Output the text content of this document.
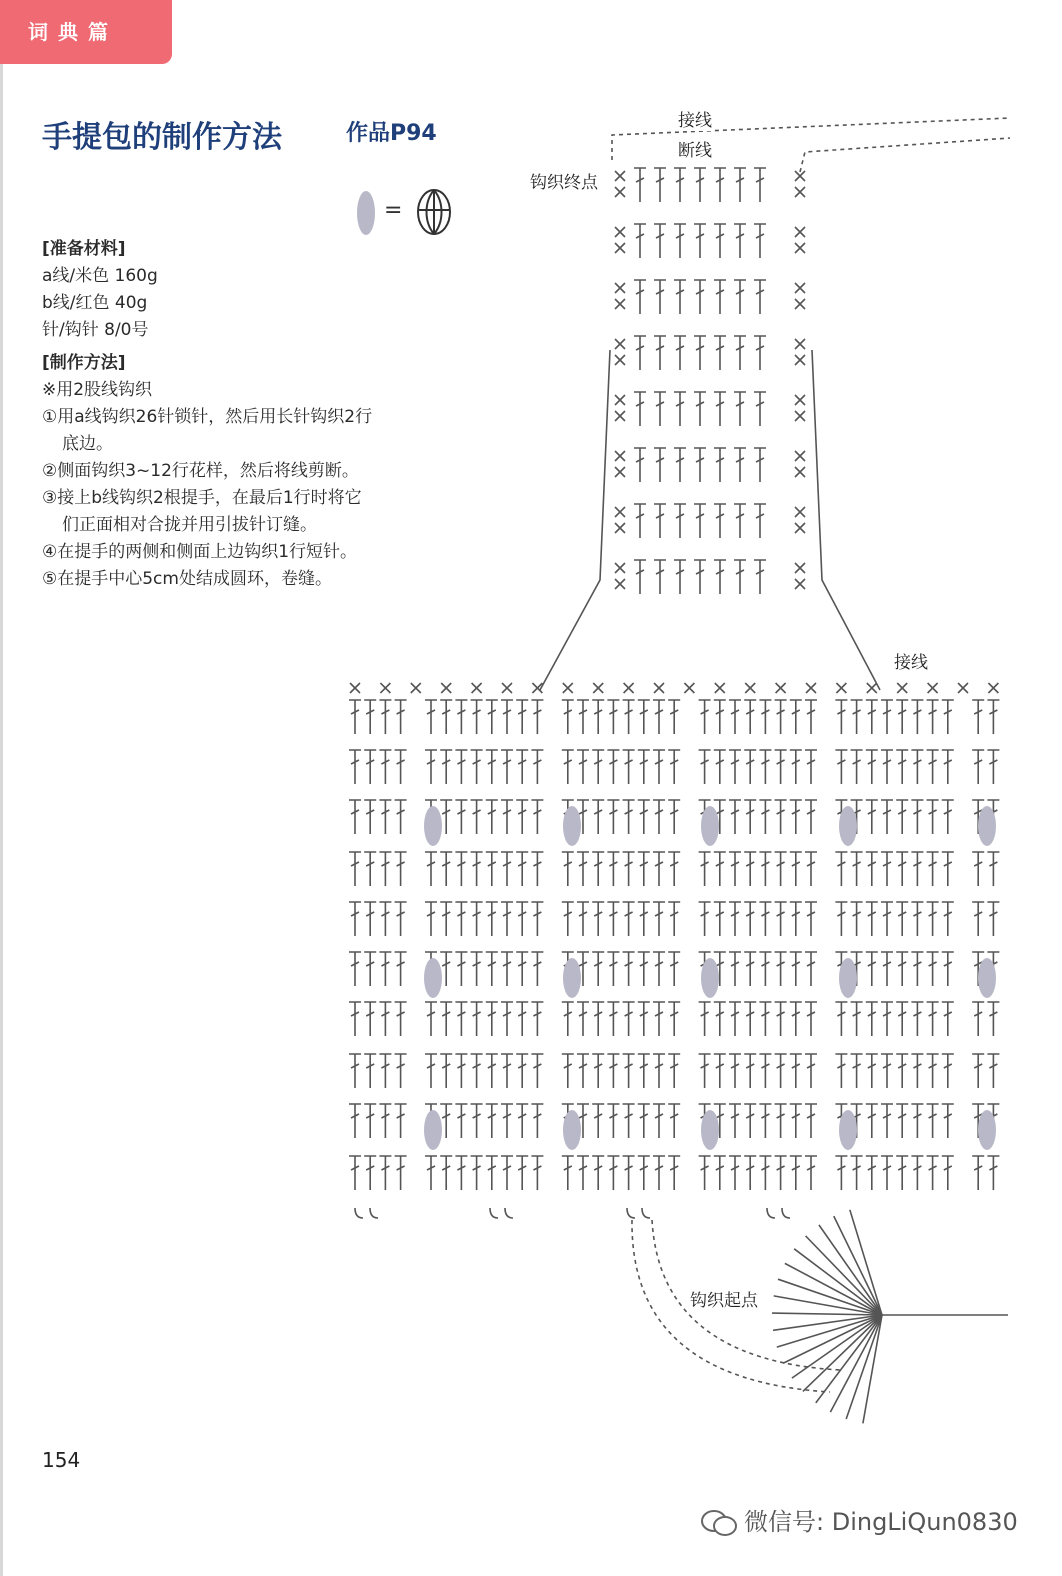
词典篇
手提包的制作方法	作品P94
=
[准备材料]
a线/米色 160g
b线/红色 40g
针/钩针 8/0号
[制作方法]
※用2股线钩织
①用a线钩织26针锁针，然后用长针钩织2行
底边。
②侧面钩织3~12行花样，然后将线剪断。
③接上b线钩织2根提手，在最后1行时将它
们正面相对合拢并用引拔针订缝。
④在提手的两侧和侧面上边钩织1行短针。
⑤在提手中心5cm处结成圆环，卷缝。
接线
断线
钩织终点
接线
钩织起点
154
微信号: DingLiQun0830
